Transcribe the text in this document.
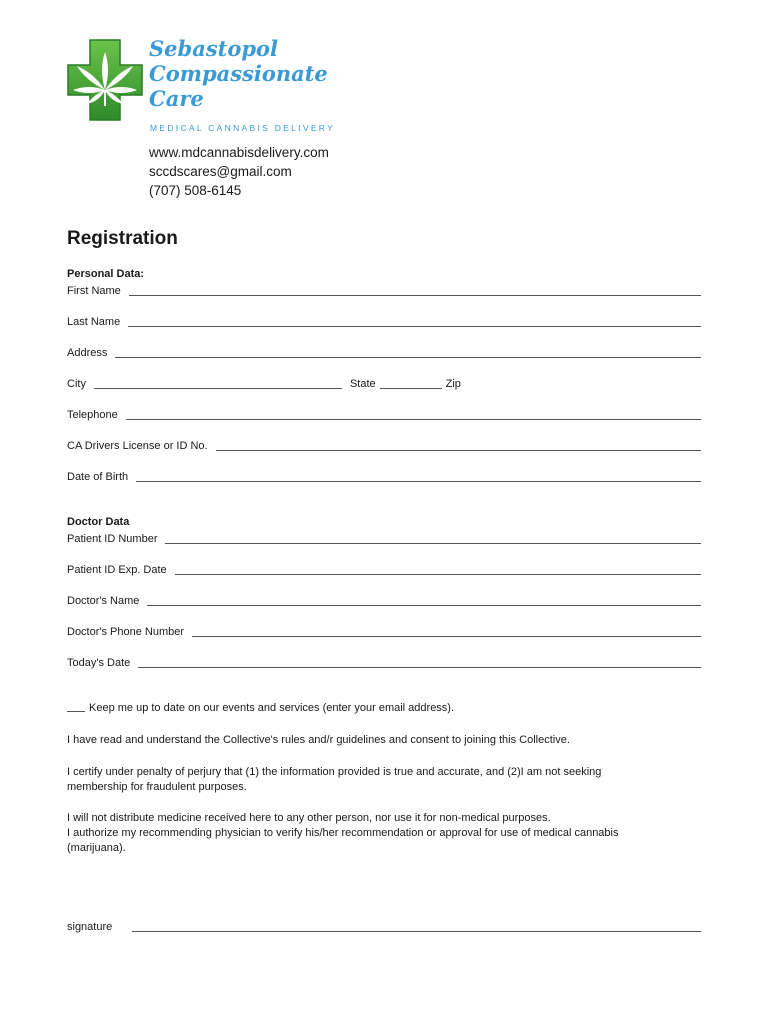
Sebastopol
Compassionate
Care
MEDICAL CANNABIS DELIVERY
www.mdcannabisdelivery.com
sccdscares@gmail.com
(707) 508-6145
Registration
Personal Data:
First Name
Last Name
Address
City	State	Zip
Telephone
CA Drivers License or ID No.
Date of Birth
Doctor Data
Patient ID Number
Patient ID Exp. Date
Doctor's Name
Doctor's Phone Number
Today's Date
Keep me up to date on our events and services (enter your email address).
I have read and understand the Collective's rules and/r guidelines and consent to joining this Collective.
I certify under penalty of perjury that (1) the information provided is true and accurate, and (2)I am not seeking
membership for fraudulent purposes.
I will not distribute medicine received here to any other person, nor use it for non-medical purposes.
I authorize my recommending physician to verify his/her recommendation or approval for use of medical cannabis
(marijuana).
signature
